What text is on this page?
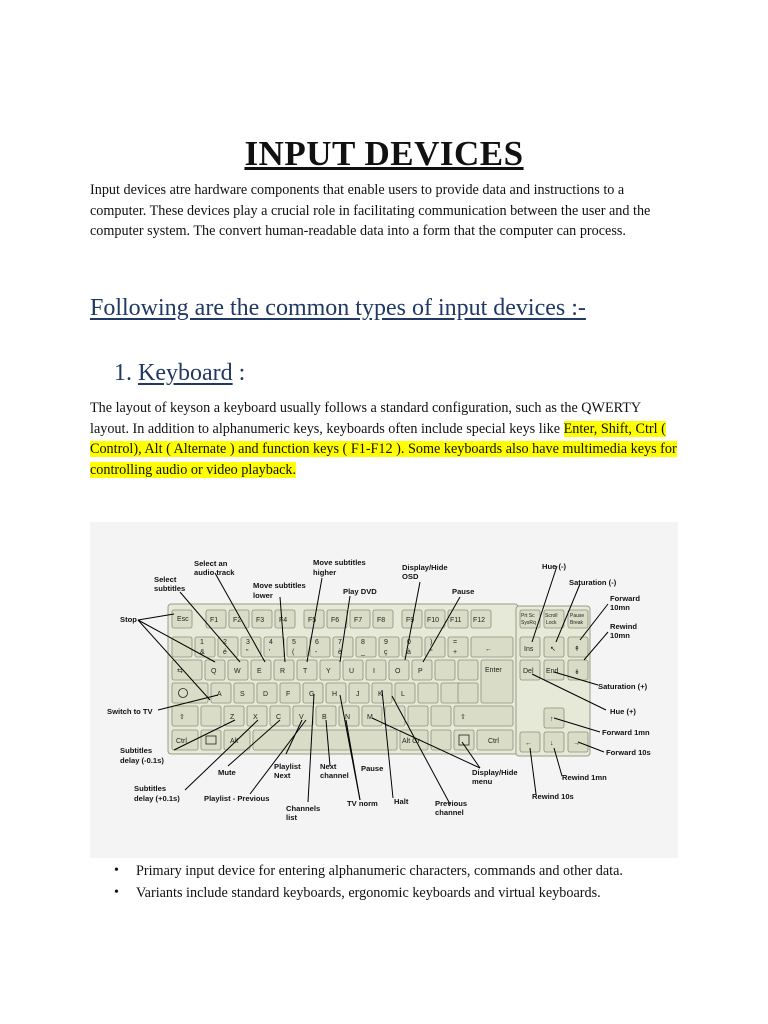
INPUT DEVICES

Input devices atre hardware components that enable users to provide data and instructions to a computer. These devices play a crucial role in facilitating communication between the user and the computer system. The convert human-readable data into a form that the computer can process.

Following are the common types of input devices :-
1. Keyboard :

The layout of keyson a keyboard usually follows a standard configuration, such as the QWERTY layout. In addition to alphanumeric keys, keyboards often include special keys like Enter, Shift, Ctrl ( Control), Alt ( Alternate ) and function keys ( F1-F12 ). Some keyboards also have multimedia keys for controlling audio or video playback.

Esc	F1 F2 F3 F4	F5 F6 F7 F8	F9 F10 F11 F12
Prt Sc
SysRq
Scroll
Lock
Pause
Break
1
&
2
é
3
"
4
'
5
(
6
-
7
è
8
_
9
ç
0
à
)
°
=
+	←
⇆	Q	W E	R	T	Y	U	I	O	P	Enter
A	S	D	F	G	H	J	K	L
⇧	Z	X	C	V	B	N M	⇧
Ctrl	Alt	Alt Gr	Ctrl
Ins ↖	↟
Del End ↡
↑
←	↓	→
Select an
audio track
Select
subtitles
Move subtitles
higher
Move subtitles
lower	Play DVD
Display/Hide
OSD
Pause
Hue (-)
Saturation (-)
Forward
10mn
Rewind
10mn
Stop
Switch to TV
Subtitles
delay (-0.1s)
Subtitles
delay (+0.1s)
Mute
Playlist
Next
Playlist - Previous
Channels
list
Next
channel
TV norm
Pause
Halt	Previous
channel
Display/Hide
menu
Saturation (+)
Hue (+)
Forward 1mn
Forward 10s
Rewind 1mn
Rewind 10s
• Primary input device for entering alphanumeric characters, commands and other data.
• Variants include standard keyboards, ergonomic keyboards and virtual keyboards.
